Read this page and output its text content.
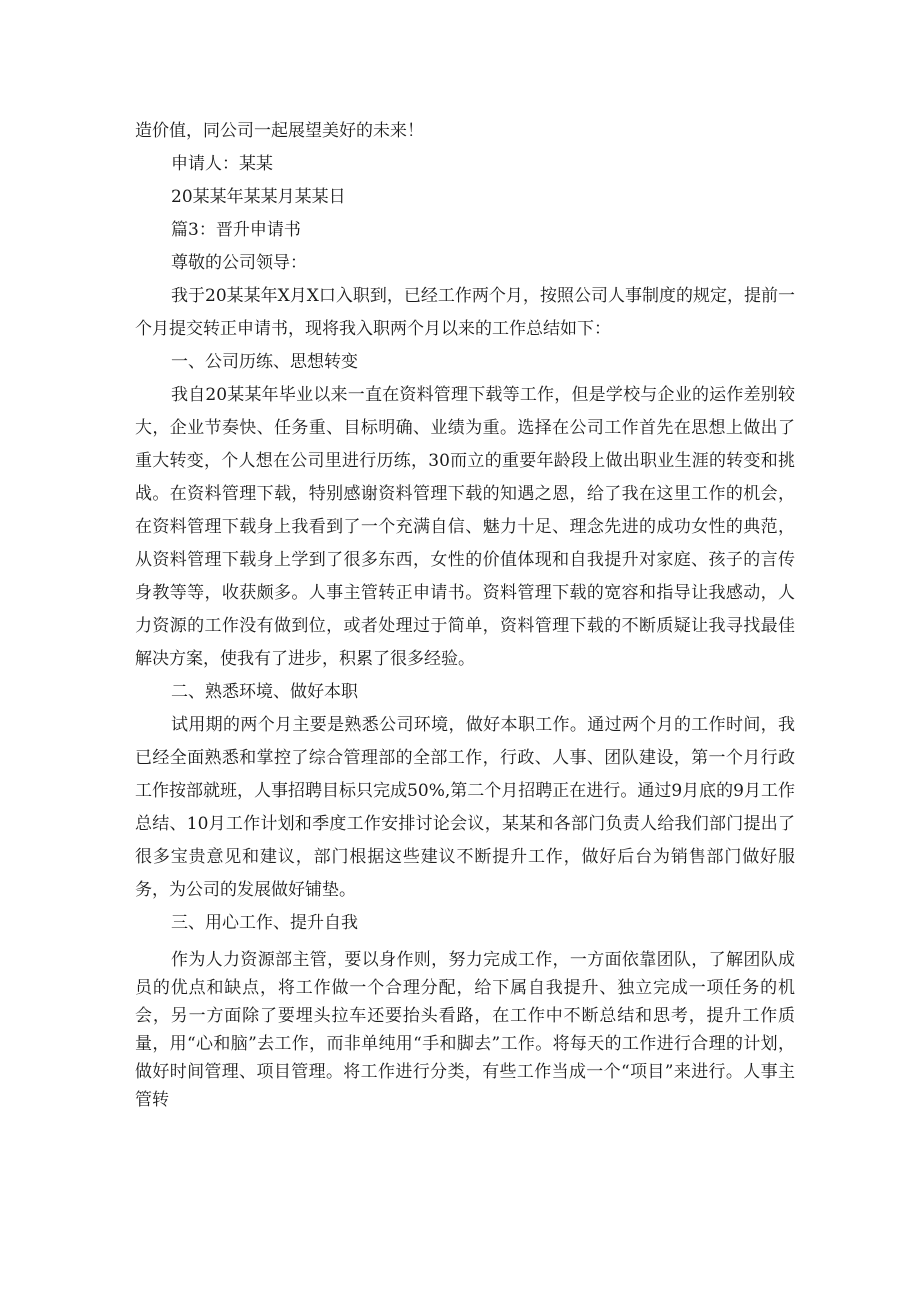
造价值，同公司一起展望美好的未来！
申请人：某某
20某某年某某月某某日
篇3：晋升申请书
尊敬的公司领导：

我于20某某年X月X口入职到，已经工作两个月，按照公司人事制度的规定，提前一个月提交转正申请书，现将我入职两个月以来的工作总结如下：

一、公司历练、思想转变

我自20某某年毕业以来一直在资料管理下载等工作，但是学校与企业的运作差别较大，企业节奏快、任务重、目标明确、业绩为重。选择在公司工作首先在思想上做出了重大转变，个人想在公司里进行历练，30而立的重要年龄段上做出职业生涯的转变和挑战。在资料管理下载，特别感谢资料管理下载的知遇之恩，给了我在这里工作的机会，在资料管理下载身上我看到了一个充满自信、魅力十足、理念先进的成功女性的典范，从资料管理下载身上学到了很多东西，女性的价值体现和自我提升对家庭、孩子的言传身教等等，收获颇多。人事主管转正申请书。资料管理下载的宽容和指导让我感动，人力资源的工作没有做到位，或者处理过于简单，资料管理下载的不断质疑让我寻找最佳解决方案，使我有了进步，积累了很多经验。

二、熟悉环境、做好本职

试用期的两个月主要是熟悉公司环境，做好本职工作。通过两个月的工作时间，我已经全面熟悉和掌控了综合管理部的全部工作，行政、人事、团队建设，第一个月行政工作按部就班，人事招聘目标只完成50%,第二个月招聘正在进行。通过9月底的9月工作总结、10月工作计划和季度工作安排讨论会议，某某和各部门负责人给我们部门提出了很多宝贵意见和建议，部门根据这些建议不断提升工作，做好后台为销售部门做好服务，为公司的发展做好铺垫。

三、用心工作、提升自我

作为人力资源部主管，要以身作则，努力完成工作，一方面依靠团队，了解团队成员的优点和缺点，将工作做一个合理分配，给下属自我提升、独立完成一项任务的机会，另一方面除了要埋头拉车还要抬头看路，在工作中不断总结和思考，提升工作质量，用“心和脑”去工作，而非单纯用“手和脚去”工作。将每天的工作进行合理的计划，做好时间管理、项目管理。将工作进行分类，有些工作当成一个“项目”来进行。人事主管转
